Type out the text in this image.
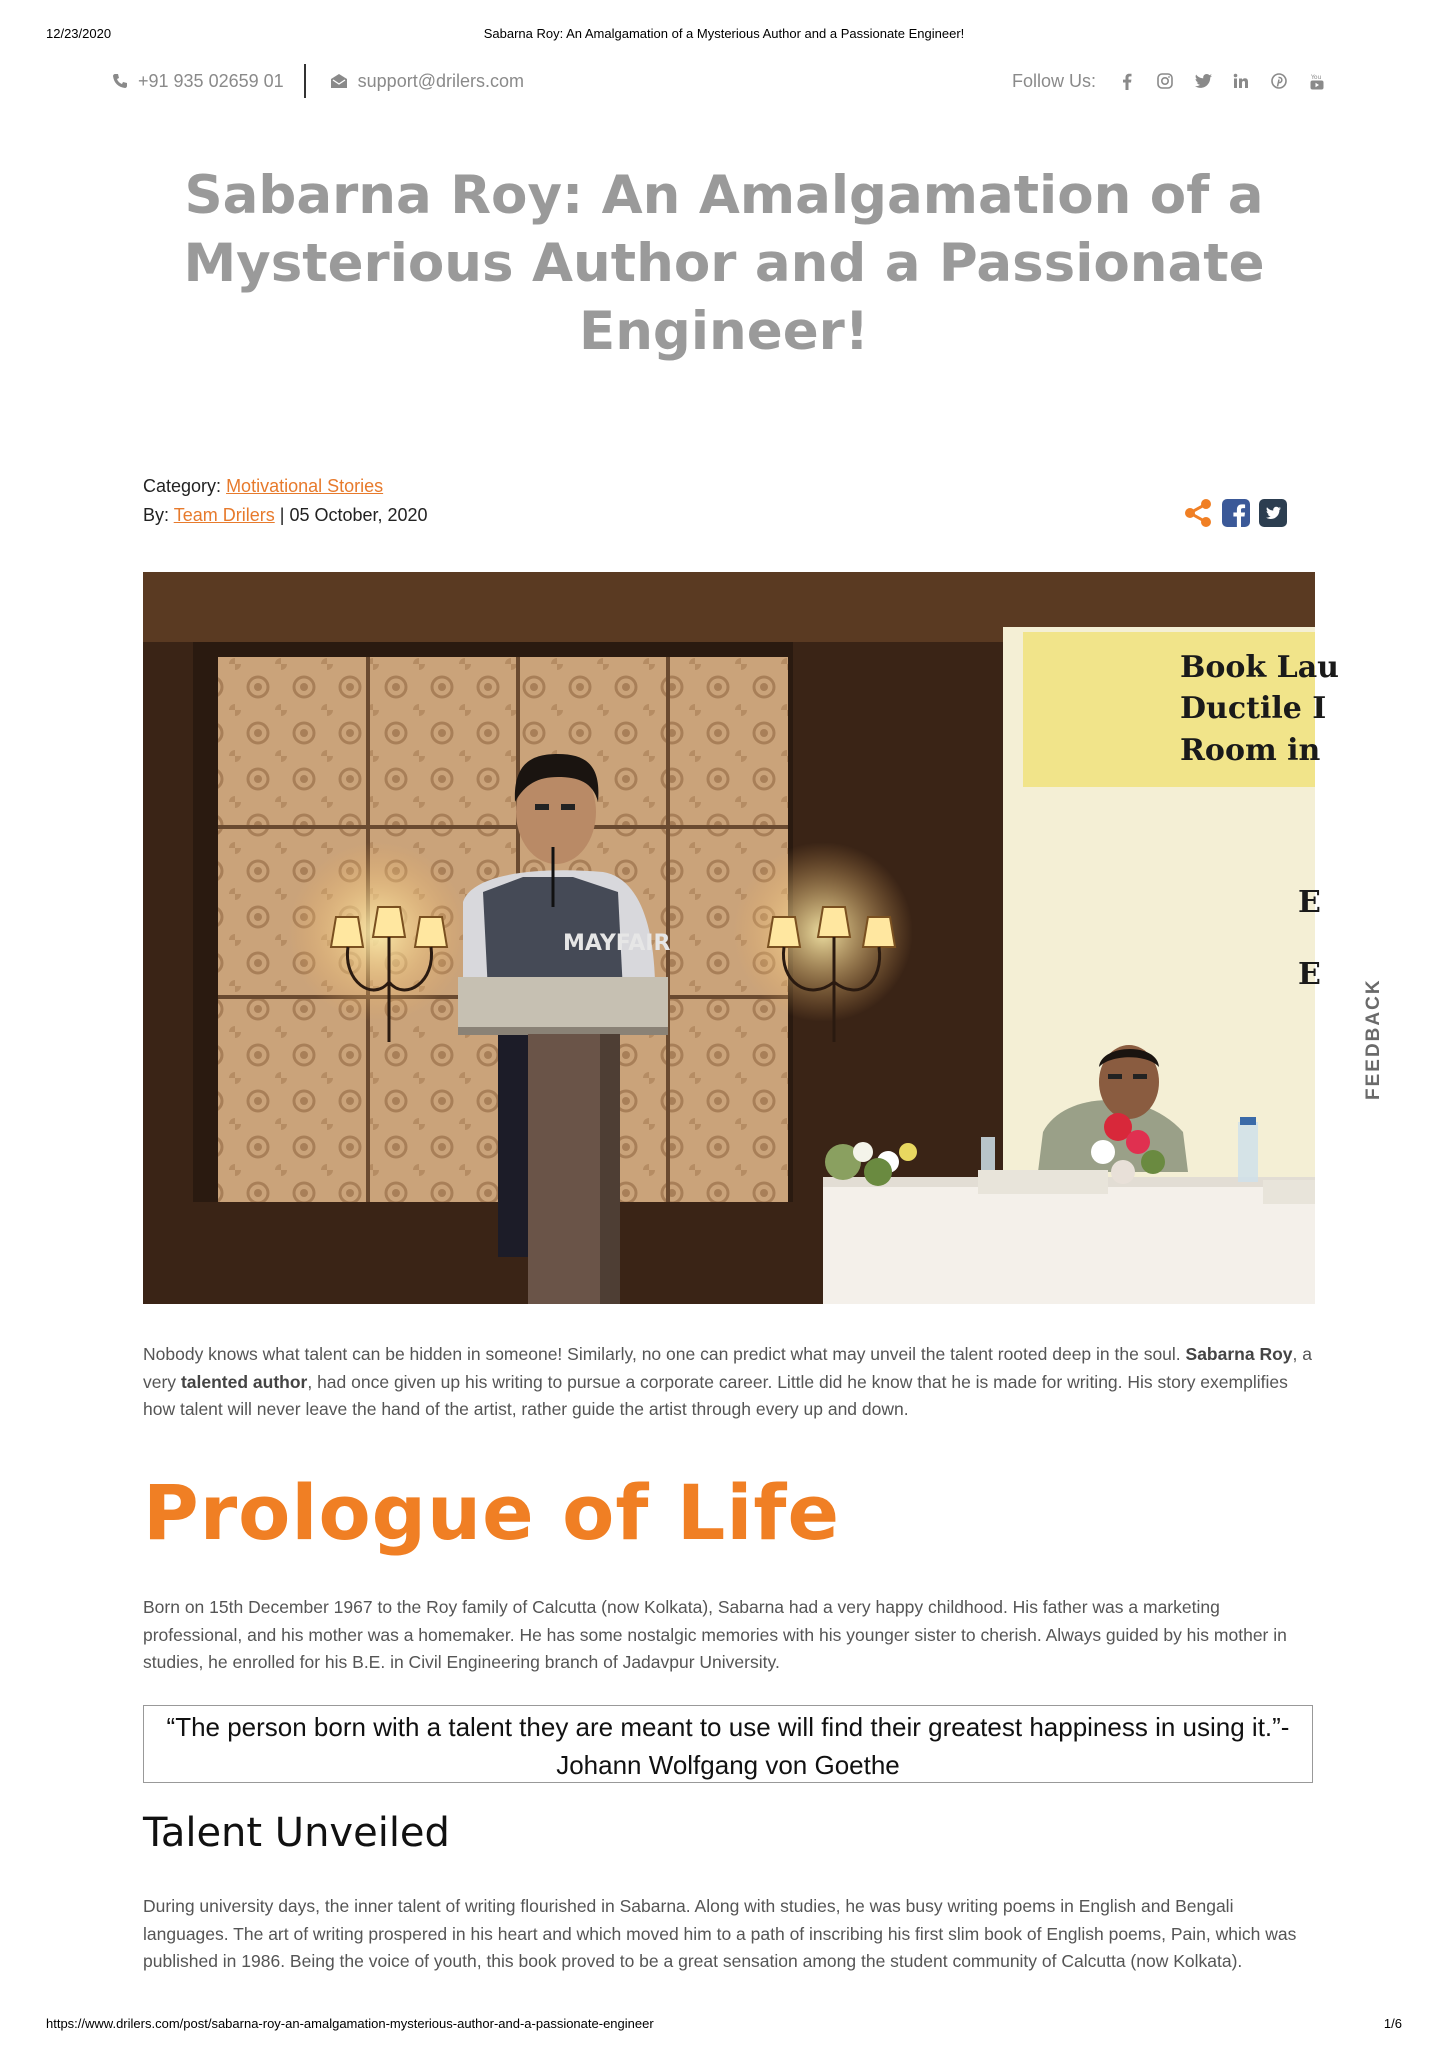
12/23/2020	Sabarna Roy: An Amalgamation of a Mysterious Author and a Passionate Engineer!
+91 935 02659 01	support@drilers.com	Follow Us:	You
Sabarna Roy: An Amalgamation of a Mysterious Author and a Passionate Engineer!
Category: Motivational Stories
By: Team Drilers | 05 October, 2020
Book Lau
Ductile I
Room in
E
E
MAYFAIR
FEEDBACK

Nobody knows what talent can be hidden in someone! Similarly, no one can predict what may unveil the talent rooted deep in the soul. Sabarna Roy, a very talented author, had once given up his writing to pursue a corporate career. Little did he know that he is made for writing. His story exemplifies how talent will never leave the hand of the artist, rather guide the artist through every up and down.

Prologue of Life

Born on 15th December 1967 to the Roy family of Calcutta (now Kolkata), Sabarna had a very happy childhood. His father was a marketing professional, and his mother was a homemaker. He has some nostalgic memories with his younger sister to cherish. Always guided by his mother in studies, he enrolled for his B.E. in Civil Engineering branch of Jadavpur University.

“The person born with a talent they are meant to use will find their greatest happiness in using it.”- Johann Wolfgang von Goethe
Talent Unveiled

During university days, the inner talent of writing flourished in Sabarna. Along with studies, he was busy writing poems in English and Bengali languages. The art of writing prospered in his heart and which moved him to a path of inscribing his first slim book of English poems, Pain, which was published in 1986. Being the voice of youth, this book proved to be a great sensation among the student community of Calcutta (now Kolkata).

https://www.drilers.com/post/sabarna-roy-an-amalgamation-mysterious-author-and-a-passionate-engineer	1/6
